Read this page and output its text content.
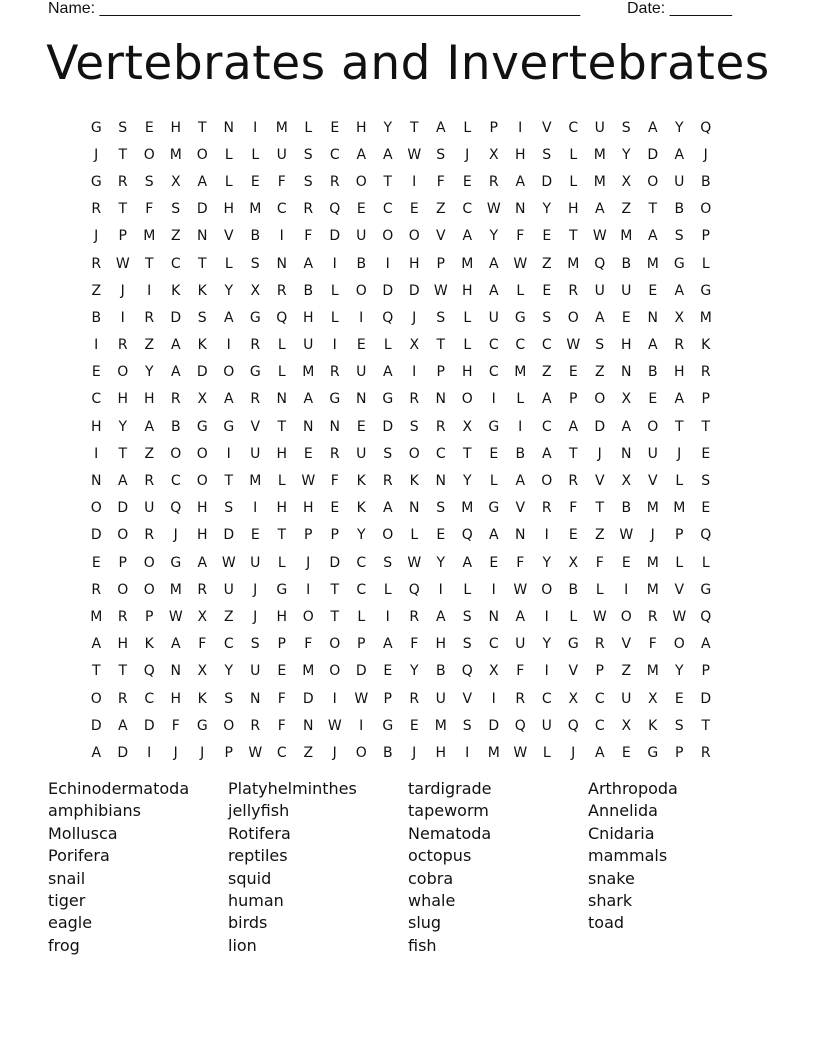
Name: ______________________________________________________	Date: _______
Vertebrates and Invertebrates
G	S	E	H	T	N	I	M	L	E	H	Y	T	A	L	P	I	V	C	U	S	A	Y	Q
J	T	O	M	O	L	L	U	S	C	A	A	W	S	J	X	H	S	L	M	Y	D	A	J
G	R	S	X	A	L	E	F	S	R	O	T	I	F	E	R	A	D	L	M	X	O	U	B
R	T	F	S	D	H	M	C	R	Q	E	C	E	Z	C	W	N	Y	H	A	Z	T	B	O
J	P	M	Z	N	V	B	I	F	D	U	O	O	V	A	Y	F	E	T	W M	A	S	P
R	W	T	C	T	L	S	N	A	I	B	I	H	P	M	A	W	Z	M	Q	B	M	G	L
Z	J	I	K	K	Y	X	R	B	L	O	D	D	W	H	A	L	E	R	U	U	E	A	G
B	I	R	D	S	A	G	Q	H	L	I	Q	J	S	L	U	G	S	O	A	E	N	X	M
I	R	Z	A	K	I	R	L	U	I	E	L	X	T	L	C	C	C	W	S	H	A	R	K
E	O	Y	A	D	O	G	L	M	R	U	A	I	P	H	C	M	Z	E	Z	N	B	H	R
C	H	H	R	X	A	R	N	A	G	N	G	R	N	O	I	L	A	P	O	X	E	A	P
H	Y	A	B	G	G	V	T	N	N	E	D	S	R	X	G	I	C	A	D	A	O	T	T
I	T	Z	O	O	I	U	H	E	R	U	S	O	C	T	E	B	A	T	J	N	U	J	E
N	A	R	C	O	T	M	L	W	F	K	R	K	N	Y	L	A	O	R	V	X	V	L	S
O	D	U	Q	H	S	I	H	H	E	K	A	N	S	M	G	V	R	F	T	B	M	M	E
D	O	R	J	H	D	E	T	P	P	Y	O	L	E	Q	A	N	I	E	Z	W	J	P	Q
E	P	O	G	A	W	U	L	J	D	C	S	W	Y	A	E	F	Y	X	F	E	M	L	L
R	O	O	M	R	U	J	G	I	T	C	L	Q	I	L	I	W	O	B	L	I	M	V	G
M	R	P	W	X	Z	J	H	O	T	L	I	R	A	S	N	A	I	L	W	O	R	W	Q
A	H	K	A	F	C	S	P	F	O	P	A	F	H	S	C	U	Y	G	R	V	F	O	A
T	T	Q	N	X	Y	U	E	M	O	D	E	Y	B	Q	X	F	I	V	P	Z	M	Y	P
O	R	C	H	K	S	N	F	D	I	W	P	R	U	V	I	R	C	X	C	U	X	E	D
D	A	D	F	G	O	R	F	N	W	I	G	E	M	S	D	Q	U	Q	C	X	K	S	T
A	D	I	J	J	P	W	C	Z	J	O	B	J	H	I	M W	L	J	A	E	G	P	R
Echinodermatoda
amphibians
Mollusca
Porifera
snail
tiger
eagle
frog
Platyhelminthes
jellyfish
Rotifera
reptiles
squid
human
birds
lion
tardigrade
tapeworm
Nematoda
octopus
cobra
whale
slug
fish
Arthropoda
Annelida
Cnidaria
mammals
snake
shark
toad
